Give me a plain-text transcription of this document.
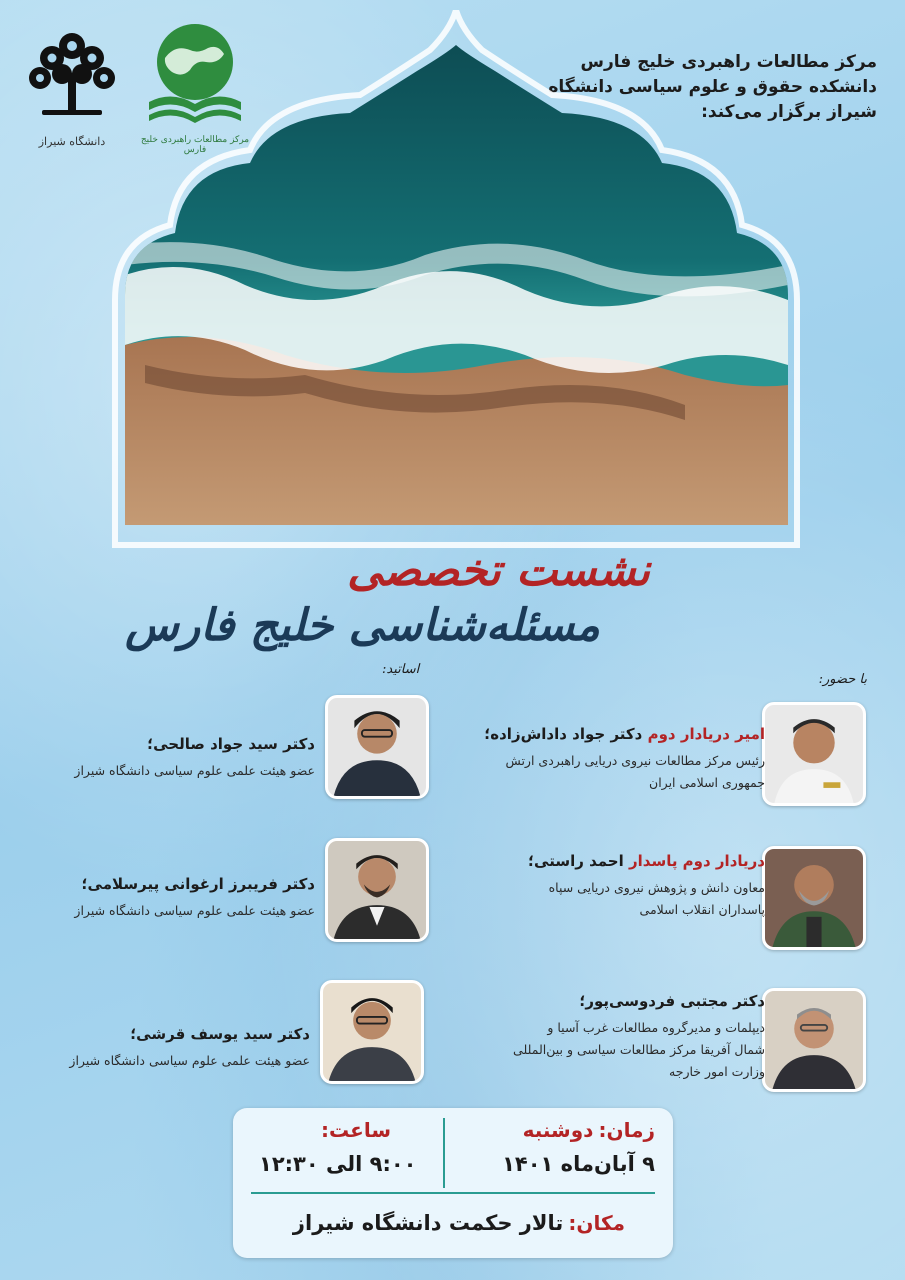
دانشگاه شیراز	مرکز مطالعات راهبردی خلیج فارس
مرکز مطالعات راهبردی خلیج فارس
دانشکده حقوق و علوم سیاسی دانشگاه
شیراز برگزار می‌کند:
نشست تخصصی
مسئله‌شناسی خلیج فارس
با حضور:
اساتید:
امیر دریادار دوم دکتر جواد داداش‌زاده؛
رئیس مرکز مطالعات نیروی دریایی راهبردی ارتش
جمهوری اسلامی ایران
دریادار دوم پاسدار احمد راستی؛
معاون دانش و پژوهش نیروی دریایی سپاه
پاسداران انقلاب اسلامی
دکتر مجتبی فردوسی‌پور؛
دیپلمات و مدیرگروه مطالعات غرب آسیا و
شمال آفریقا مرکز مطالعات سیاسی و بین‌المللی
وزارت امور خارجه
دکتر سید جواد صالحی؛
عضو هیئت علمی علوم سیاسی دانشگاه شیراز
دکتر فریبرز ارغوانی پیرسلامی؛
عضو هیئت علمی علوم سیاسی دانشگاه شیراز
دکتر سید یوسف قرشی؛
عضو هیئت علمی علوم سیاسی دانشگاه شیراز
زمان: دوشنبه
۹ آبان‌ماه ۱۴۰۱
ساعت:
۹:۰۰ الی ۱۲:۳۰
مکان: تالار حکمت دانشگاه شیراز
